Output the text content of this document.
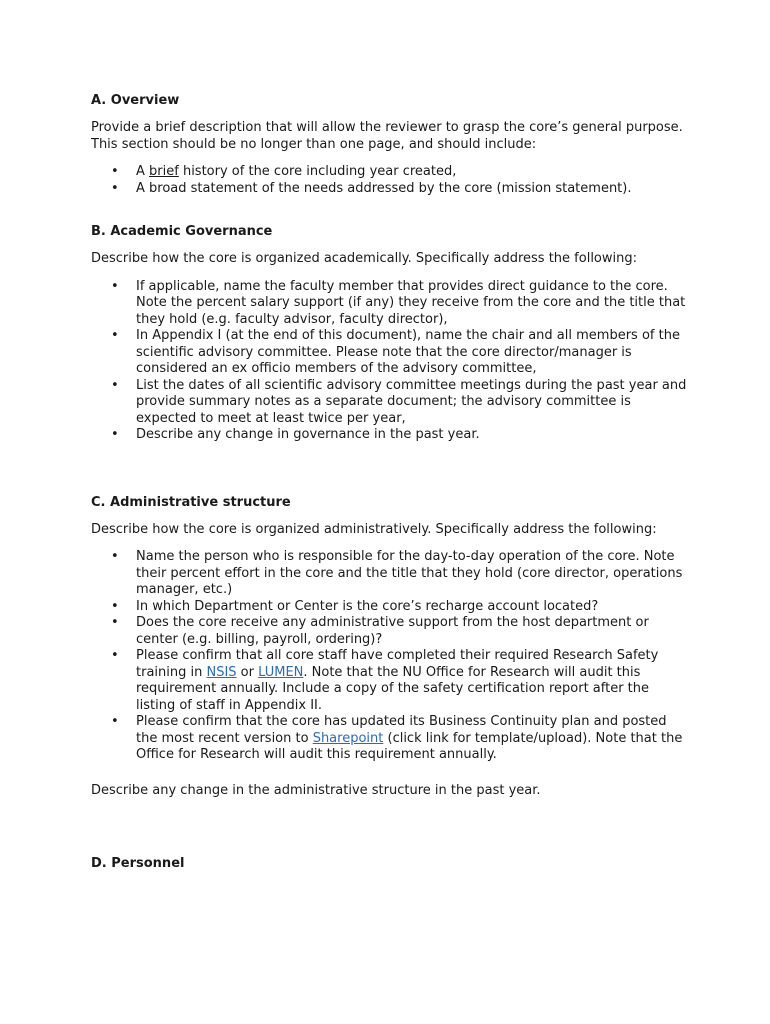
A. Overview

Provide a brief description that will allow the reviewer to grasp the core’s general purpose. This section should be no longer than one page, and should include:

• A brief history of the core including year created,
• A broad statement of the needs addressed by the core (mission statement).

B. Academic Governance

Describe how the core is organized academically. Specifically address the following:

• If applicable, name the faculty member that provides direct guidance to the core. Note the percent salary support (if any) they receive from the core and the title that they hold (e.g. faculty advisor, faculty director),
• In Appendix I (at the end of this document), name the chair and all members of the scientific advisory committee. Please note that the core director/manager is considered an ex officio members of the advisory committee,
• List the dates of all scientific advisory committee meetings during the past year and provide summary notes as a separate document; the advisory committee is expected to meet at least twice per year,
• Describe any change in governance in the past year.

C. Administrative structure

Describe how the core is organized administratively. Specifically address the following:

• Name the person who is responsible for the day-to-day operation of the core. Note their percent effort in the core and the title that they hold (core director, operations manager, etc.)
• In which Department or Center is the core’s recharge account located?
• Does the core receive any administrative support from the host department or center (e.g. billing, payroll, ordering)?
• Please confirm that all core staff have completed their required Research Safety training in NSIS or LUMEN. Note that the NU Office for Research will audit this requirement annually. Include a copy of the safety certification report after the listing of staff in Appendix II.
• Please confirm that the core has updated its Business Continuity plan and posted the most recent version to Sharepoint (click link for template/upload). Note that the Office for Research will audit this requirement annually.

Describe any change in the administrative structure in the past year.

D. Personnel
